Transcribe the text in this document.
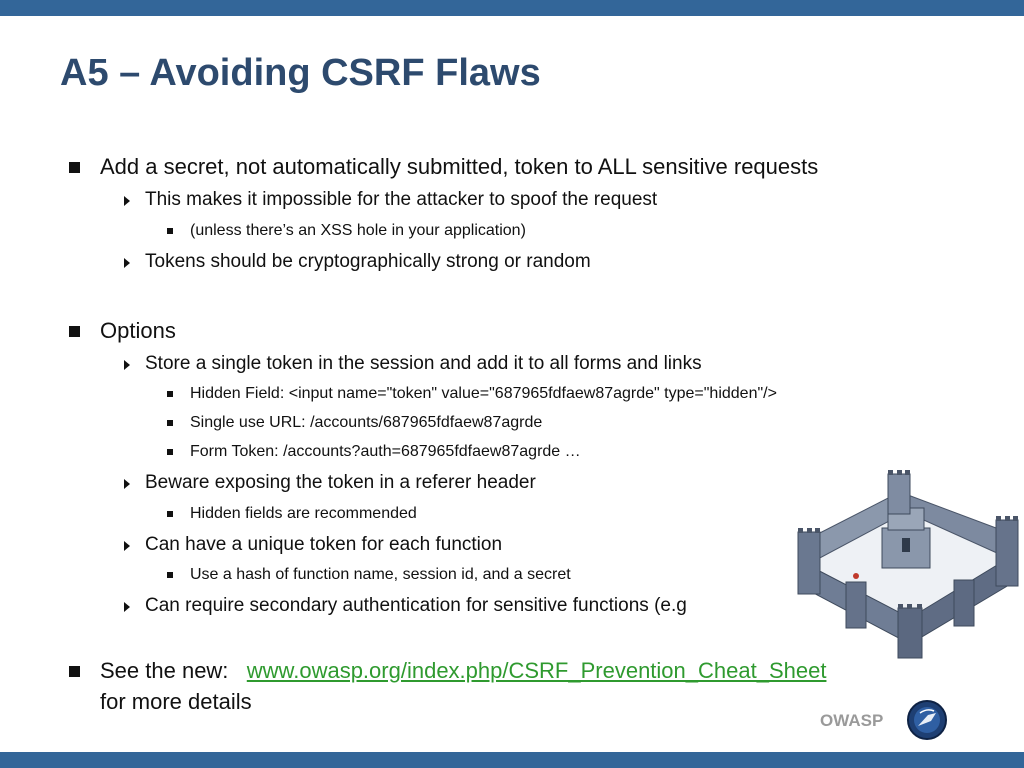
A5 – Avoiding CSRF Flaws
Add a secret, not automatically submitted, token to ALL sensitive requests
This makes it impossible for the attacker to spoof the request
(unless there’s an XSS hole in your application)
Tokens should be cryptographically strong or random
Options
Store a single token in the session and add it to all forms and links
Hidden Field: <input name="token" value="687965fdfaew87agrde" type="hidden"/>
Single use URL: /accounts/687965fdfaew87agrde
Form Token: /accounts?auth=687965fdfaew87agrde …
Beware exposing the token in a referer header
Hidden fields are recommended
Can have a unique token for each function
Use a hash of function name, session id, and a secret
Can require secondary authentication for sensitive functions (e.g
See the new: www.owasp.org/index.php/CSRF_Prevention_Cheat_Sheet
for more details
OWASP
